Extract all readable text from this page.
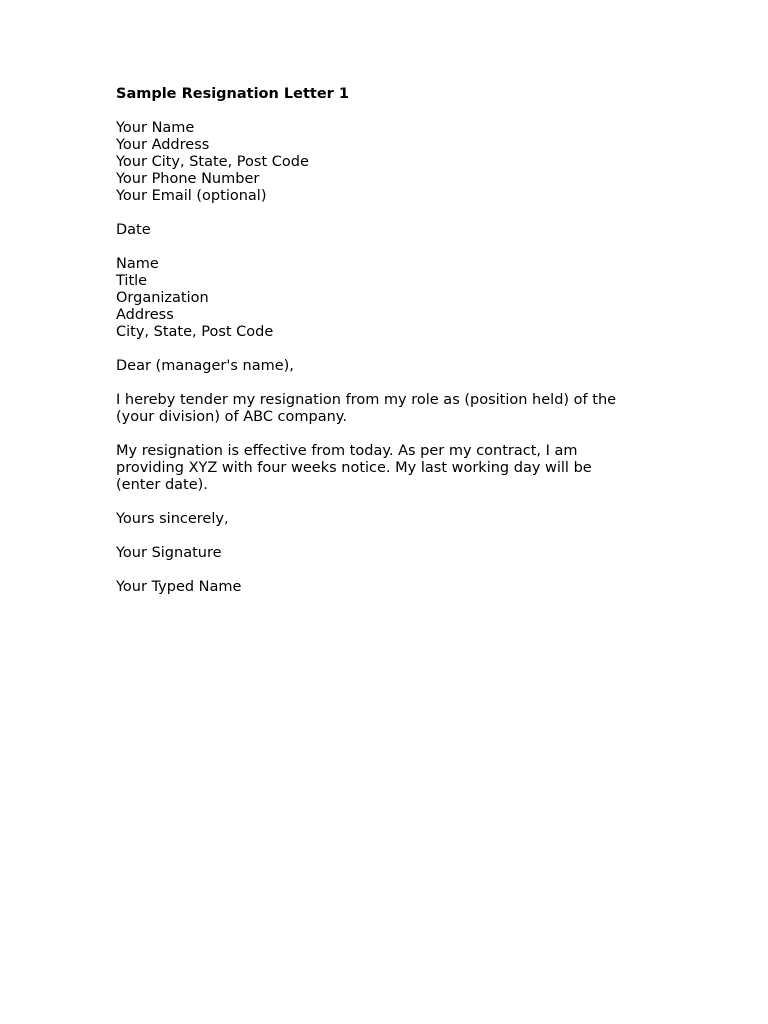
Sample Resignation Letter 1
Your Name
Your Address
Your City, State, Post Code
Your Phone Number
Your Email (optional)
Date
Name
Title
Organization
Address
City, State, Post Code
Dear (manager's name),
I hereby tender my resignation from my role as (position held) of the
(your division) of ABC company.
My resignation is effective from today. As per my contract, I am
providing XYZ with four weeks notice. My last working day will be
(enter date).
Yours sincerely,
Your Signature
Your Typed Name
